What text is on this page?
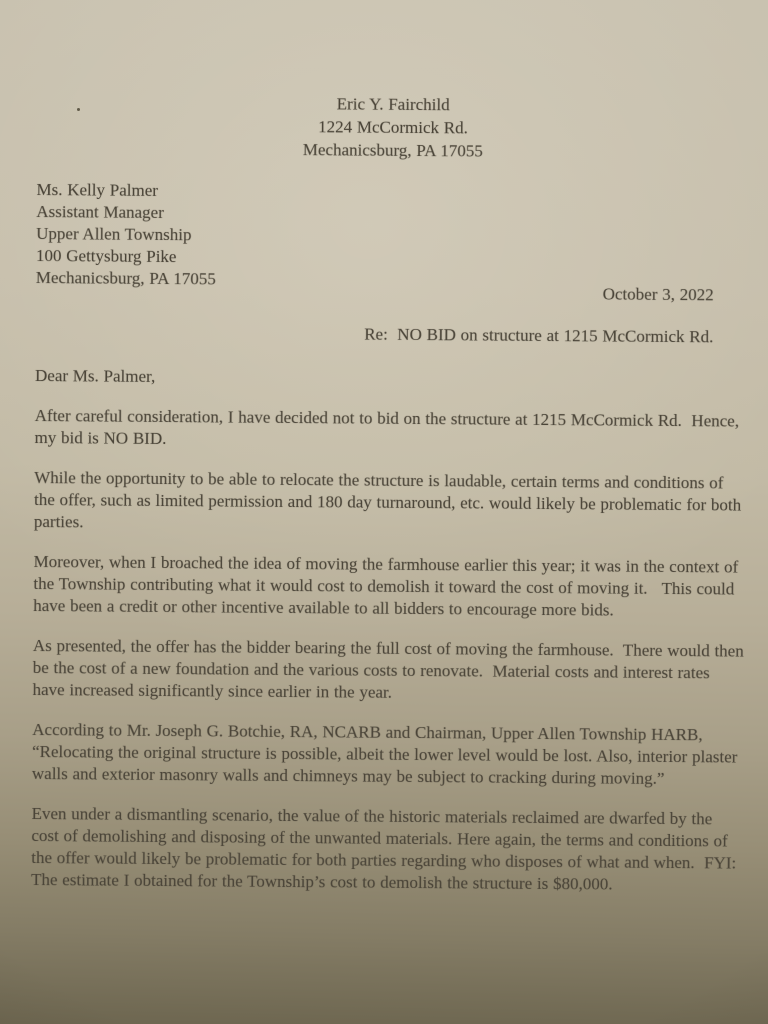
Eric Y. Fairchild
1224 McCormick Rd.
Mechanicsburg, PA 17055
Ms. Kelly Palmer
Assistant Manager
Upper Allen Township
100 Gettysburg Pike
Mechanicsburg, PA 17055
October 3, 2022
Re:  NO BID on structure at 1215 McCormick Rd.
Dear Ms. Palmer,

After careful consideration, I have decided not to bid on the structure at 1215 McCormick Rd.  Hence, my bid is NO BID.

While the opportunity to be able to relocate the structure is laudable, certain terms and conditions of the offer, such as limited permission and 180 day turnaround, etc. would likely be problematic for both parties.

Moreover, when I broached the idea of moving the farmhouse earlier this year; it was in the context of the Township contributing what it would cost to demolish it toward the cost of moving it.   This could have been a credit or other incentive available to all bidders to encourage more bids.

As presented, the offer has the bidder bearing the full cost of moving the farmhouse.  There would then be the cost of a new foundation and the various costs to renovate.  Material costs and interest rates have increased significantly since earlier in the year.

According to Mr. Joseph G. Botchie, RA, NCARB and Chairman, Upper Allen Township HARB, “Relocating the original structure is possible, albeit the lower level would be lost. Also, interior plaster walls and exterior masonry walls and chimneys may be subject to cracking during moving.”

Even under a dismantling scenario, the value of the historic materials reclaimed are dwarfed by the cost of demolishing and disposing of the unwanted materials. Here again, the terms and conditions of the offer would likely be problematic for both parties regarding who disposes of what and when.  FYI: The estimate I obtained for the Township’s cost to demolish the structure is $80,000.
